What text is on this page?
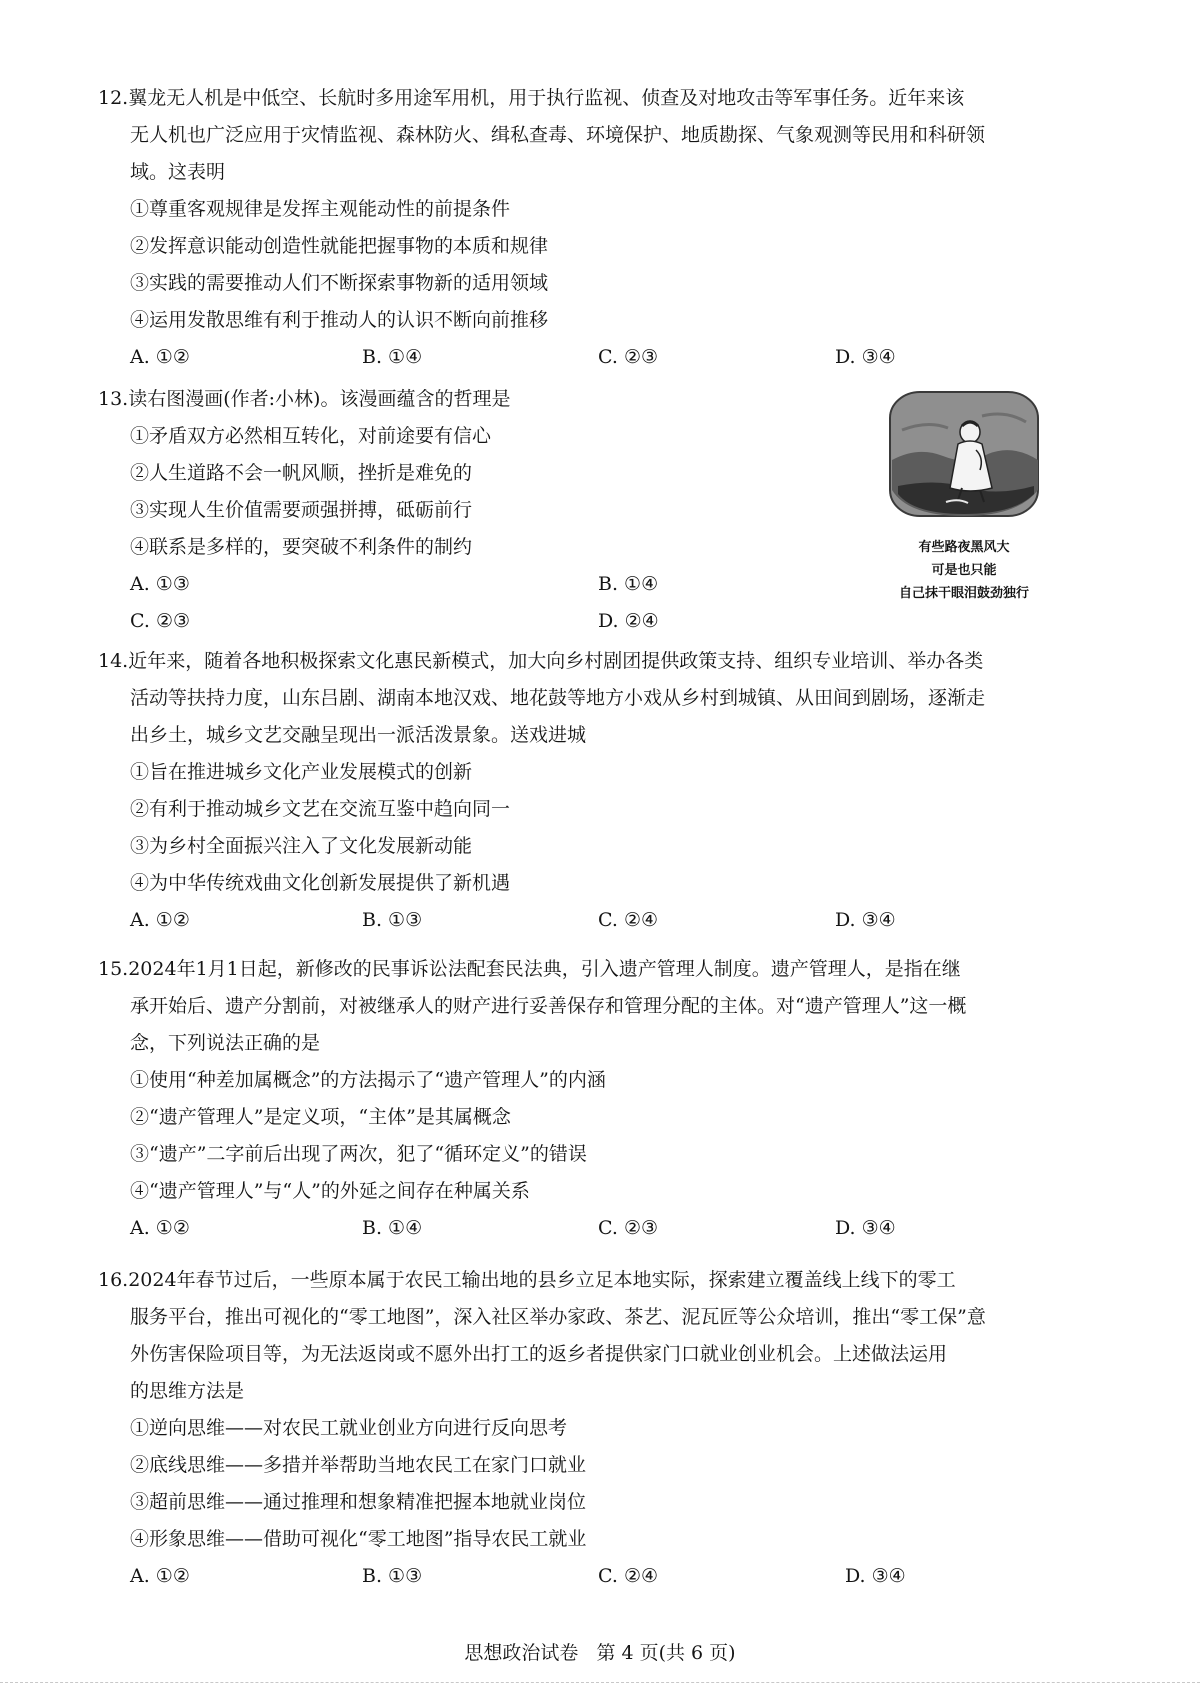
12.翼龙无人机是中低空、长航时多用途军用机，用于执行监视、侦查及对地攻击等军事任务。近年来该
无人机也广泛应用于灾情监视、森林防火、缉私查毒、环境保护、地质勘探、气象观测等民用和科研领
域。这表明
①尊重客观规律是发挥主观能动性的前提条件
②发挥意识能动创造性就能把握事物的本质和规律
③实践的需要推动人们不断探索事物新的适用领域
④运用发散思维有利于推动人的认识不断向前推移
A. ①②	B. ①④	C. ②③	D. ③④
13.读右图漫画(作者:小林)。该漫画蕴含的哲理是
①矛盾双方必然相互转化，对前途要有信心
②人生道路不会一帆风顺，挫折是难免的
③实现人生价值需要顽强拼搏，砥砺前行
④联系是多样的，要突破不利条件的制约
A. ①③	B. ①④
C. ②③	D. ②④
有些路夜黑风大
可是也只能
自己抹干眼泪鼓劲独行
14.近年来，随着各地积极探索文化惠民新模式，加大向乡村剧团提供政策支持、组织专业培训、举办各类
活动等扶持力度，山东吕剧、湖南本地汉戏、地花鼓等地方小戏从乡村到城镇、从田间到剧场，逐渐走
出乡土，城乡文艺交融呈现出一派活泼景象。送戏进城
①旨在推进城乡文化产业发展模式的创新
②有利于推动城乡文艺在交流互鉴中趋向同一
③为乡村全面振兴注入了文化发展新动能
④为中华传统戏曲文化创新发展提供了新机遇
A. ①②	B. ①③	C. ②④	D. ③④
15.2024年1月1日起，新修改的民事诉讼法配套民法典，引入遗产管理人制度。遗产管理人，是指在继
承开始后、遗产分割前，对被继承人的财产进行妥善保存和管理分配的主体。对“遗产管理人”这一概
念，下列说法正确的是
①使用“种差加属概念”的方法揭示了“遗产管理人”的内涵
②“遗产管理人”是定义项，“主体”是其属概念
③“遗产”二字前后出现了两次，犯了“循环定义”的错误
④“遗产管理人”与“人”的外延之间存在种属关系
A. ①②	B. ①④	C. ②③	D. ③④
16.2024年春节过后，一些原本属于农民工输出地的县乡立足本地实际，探索建立覆盖线上线下的零工
服务平台，推出可视化的“零工地图”，深入社区举办家政、茶艺、泥瓦匠等公众培训，推出“零工保”意
外伤害保险项目等，为无法返岗或不愿外出打工的返乡者提供家门口就业创业机会。上述做法运用
的思维方法是
①逆向思维——对农民工就业创业方向进行反向思考
②底线思维——多措并举帮助当地农民工在家门口就业
③超前思维——通过推理和想象精准把握本地就业岗位
④形象思维——借助可视化“零工地图”指导农民工就业
A. ①②	B. ①③	C. ②④	D. ③④
思想政治试卷 第 4 页(共 6 页)
